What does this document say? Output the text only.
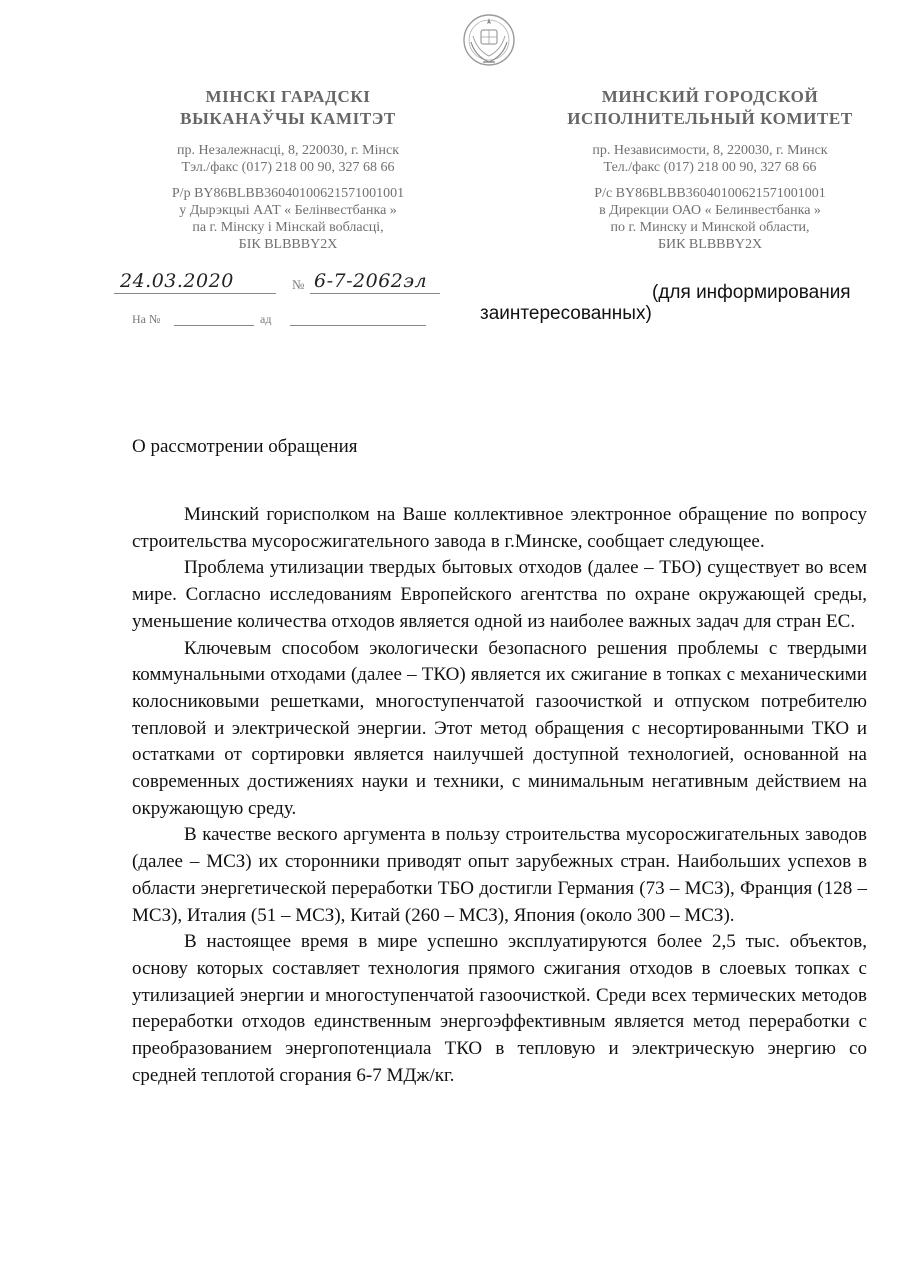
МІНСКІ ГАРАДСКІ
ВЫКАНАЎЧЫ КАМІТЭТ
пр. Незалежнасці, 8, 220030, г. Мінск
Тэл./факс (017) 218 00 90, 327 68 66
Р/р BY86BLBB36040100621571001001
у Дырэкцыі ААТ « Белінвестбанка »
па г. Мінску і Мінскай вобласці,
БІК BLBBBY2X
МИНСКИЙ ГОРОДСКОЙ
ИСПОЛНИТЕЛЬНЫЙ КОМИТЕТ
пр. Независимости, 8, 220030, г. Минск
Тел./факс (017) 218 00 90, 327 68 66
Р/с BY86BLBB36040100621571001001
в Дирекции ОАО « Белинвестбанка »
по г. Минску и Минской области,
БИК BLBBBY2X
24.03.2020	№ 6-7-2062эл
На №	ад
(для информирования
заинтересованных)
О рассмотрении обращения

Минский горисполком на Ваше коллективное электронное обращение по вопросу строительства мусоросжигательного завода в г.Минске, сообщает следующее.

Проблема утилизации твердых бытовых отходов (далее – ТБО) существует во всем мире. Согласно исследованиям Европейского агентства по охране окружающей среды, уменьшение количества отходов является одной из наиболее важных задач для стран ЕС.

Ключевым способом экологически безопасного решения проблемы с твердыми коммунальными отходами (далее – ТКО) является их сжигание в топках с механическими колосниковыми решетками, многоступенчатой газоочисткой и отпуском потребителю тепловой и электрической энергии. Этот метод обращения с несортированными ТКО и остатками от сортировки является наилучшей доступной технологией, основанной на современных достижениях науки и техники, с минимальным негативным действием на окружающую среду.

В качестве веского аргумента в пользу строительства мусоросжигательных заводов (далее – МСЗ) их сторонники приводят опыт зарубежных стран. Наибольших успехов в области энергетической переработки ТБО достигли Германия (73 – МСЗ), Франция (128 – МСЗ), Италия (51 – МСЗ), Китай (260 – МСЗ), Япония (около 300 – МСЗ).

В настоящее время в мире успешно эксплуатируются более 2,5 тыс. объектов, основу которых составляет технология прямого сжигания отходов в слоевых топках с утилизацией энергии и многоступенчатой газоочисткой. Среди всех термических методов переработки отходов единственным энергоэффективным является метод переработки с преобразованием энергопотенциала ТКО в тепловую и электрическую энергию со средней теплотой сгорания 6-7 МДж/кг.
